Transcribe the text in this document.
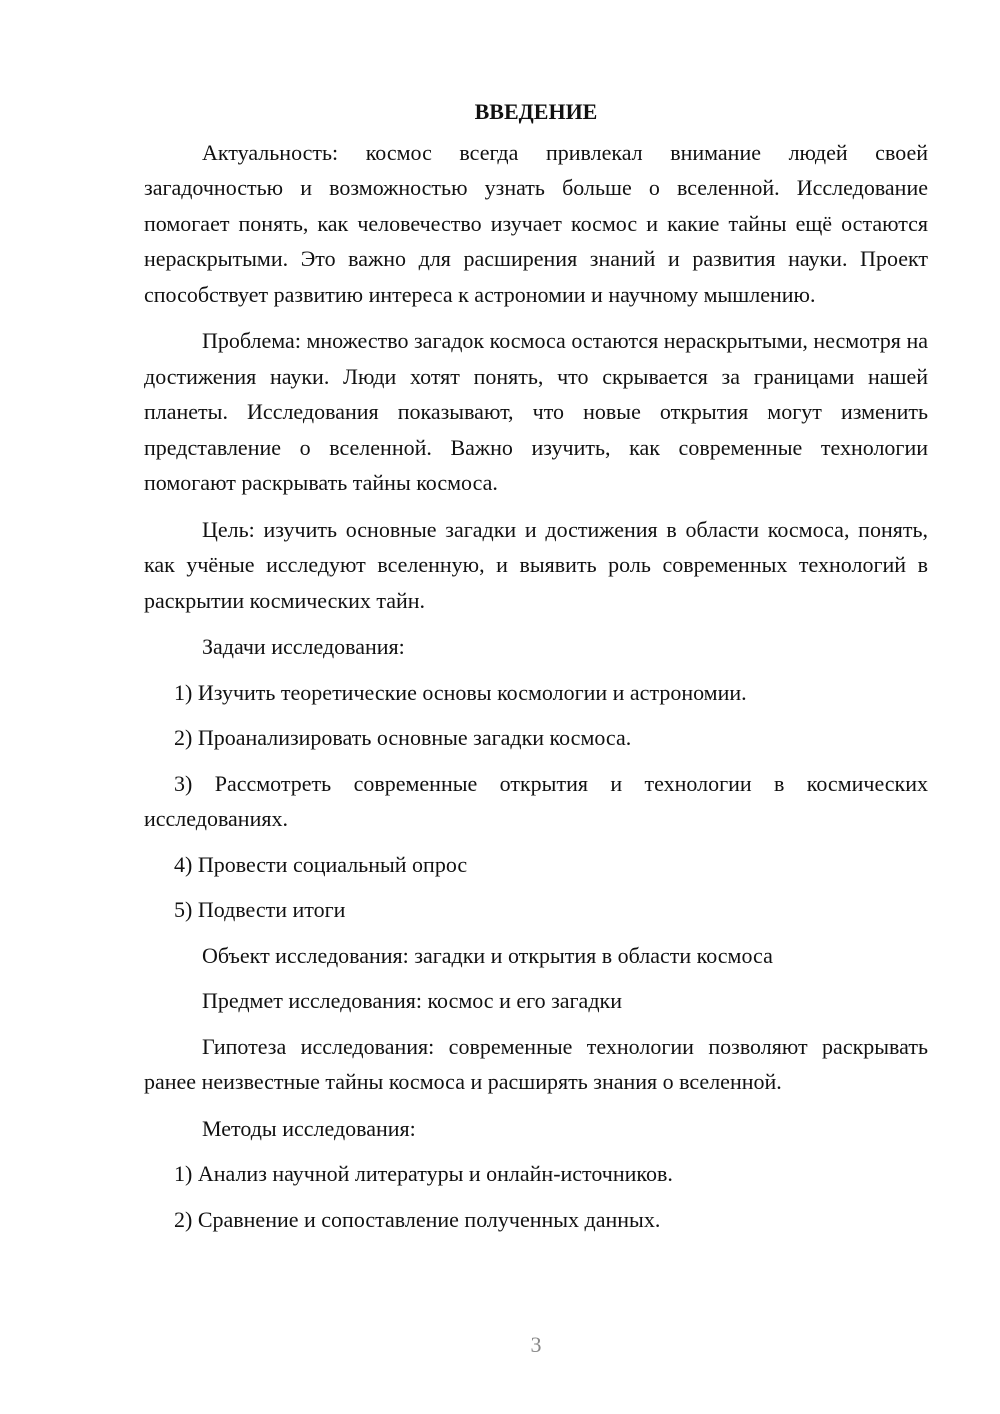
ВВЕДЕНИЕ

Актуальность: космос всегда привлекал внимание людей своей загадочностью и возможностью узнать больше о вселенной. Исследование помогает понять, как человечество изучает космос и какие тайны ещё остаются нераскрытыми. Это важно для расширения знаний и развития науки. Проект способствует развитию интереса к астрономии и научному мышлению.

Проблема: множество загадок космоса остаются нераскрытыми, несмотря на достижения науки. Люди хотят понять, что скрывается за границами нашей планеты. Исследования показывают, что новые открытия могут изменить представление о вселенной. Важно изучить, как современные технологии помогают раскрывать тайны космоса.

Цель: изучить основные загадки и достижения в области космоса, понять, как учёные исследуют вселенную, и выявить роль современных технологий в раскрытии космических тайн.

Задачи исследования:

1) Изучить теоретические основы космологии и астрономии.

2) Проанализировать основные загадки космоса.

3) Рассмотреть современные открытия и технологии в космических исследованиях.

4) Провести социальный опрос

5) Подвести итоги

Объект исследования: загадки и открытия в области космоса

Предмет исследования: космос и его загадки

Гипотеза исследования: современные технологии позволяют раскрывать ранее неизвестные тайны космоса и расширять знания о вселенной.

Методы исследования:

1) Анализ научной литературы и онлайн-источников.

2) Сравнение и сопоставление полученных данных.

3
